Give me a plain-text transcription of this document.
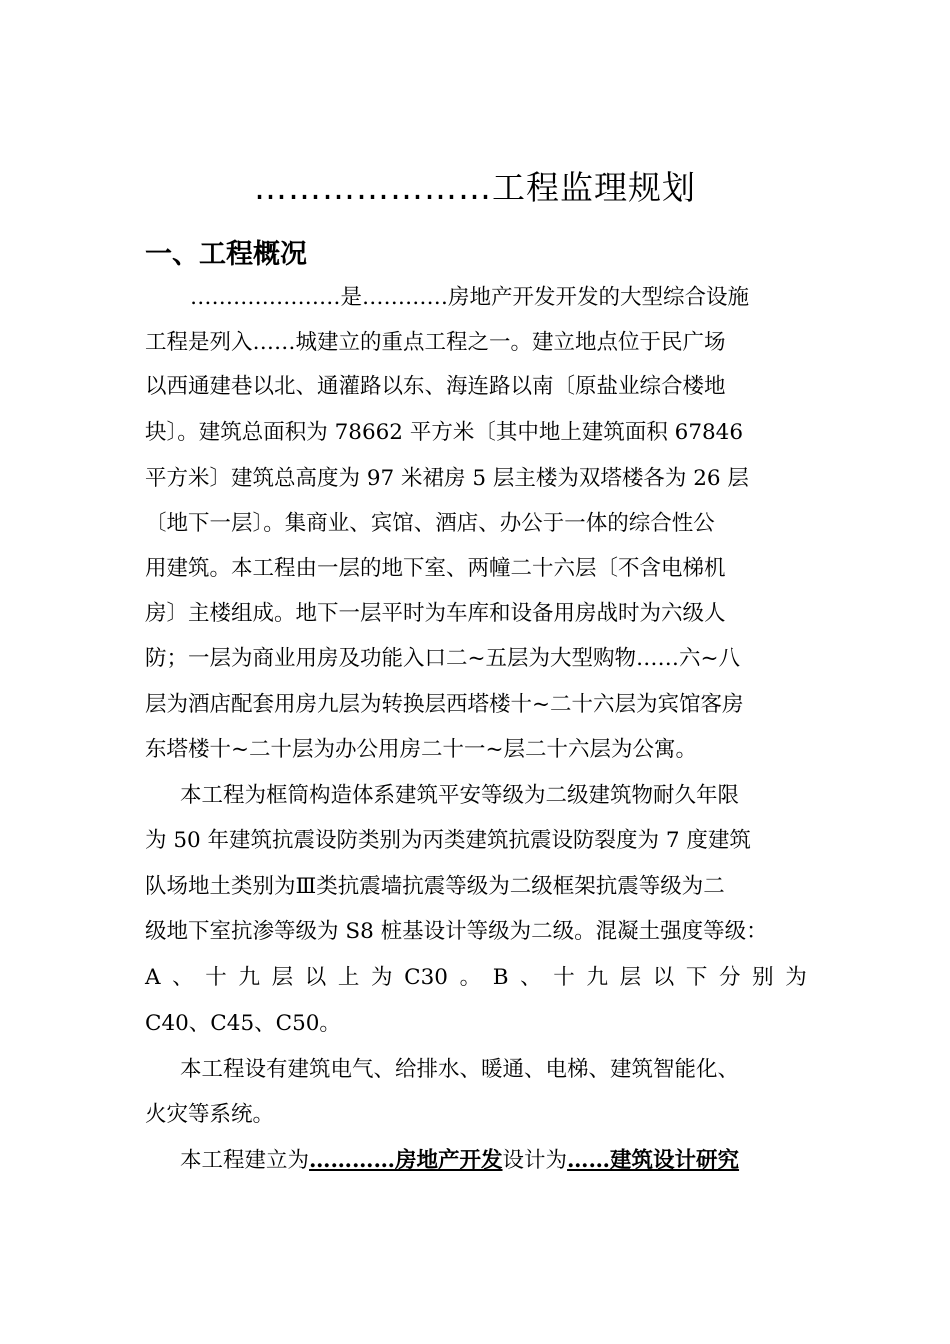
…………………工程监理规划
一、工程概况
…………………是…………房地产开发开发的大型综合设施
工程是列入……城建立的重点工程之一。建立地点位于民广场
以西通建巷以北、通灌路以东、海连路以南〔原盐业综合楼地
块〕。建筑总面积为 78662 平方米〔其中地上建筑面积 67846
平方米〕建筑总高度为 97 米裙房 5 层主楼为双塔楼各为 26 层
〔地下一层〕。集商业、宾馆、酒店、办公于一体的综合性公
用建筑。本工程由一层的地下室、两幢二十六层〔不含电梯机
房〕主楼组成。地下一层平时为车库和设备用房战时为六级人
防；一层为商业用房及功能入口二~五层为大型购物……六~八
层为酒店配套用房九层为转换层西塔楼十~二十六层为宾馆客房
东塔楼十~二十层为办公用房二十一~层二十六层为公寓。
本工程为框筒构造体系建筑平安等级为二级建筑物耐久年限
为 50 年建筑抗震设防类别为丙类建筑抗震设防裂度为 7 度建筑
队场地土类别为Ⅲ类抗震墙抗震等级为二级框架抗震等级为二
级地下室抗渗等级为 S8 桩基设计等级为二级。混凝土强度等级：
A 、 十 九 层 以 上 为 C30 。 B 、 十 九 层 以 下 分 别 为
C40、C45、C50。
本工程设有建筑电气、给排水、暖通、电梯、建筑智能化、
火灾等系统。
本工程建立为…………房地产开发设计为……建筑设计研究
